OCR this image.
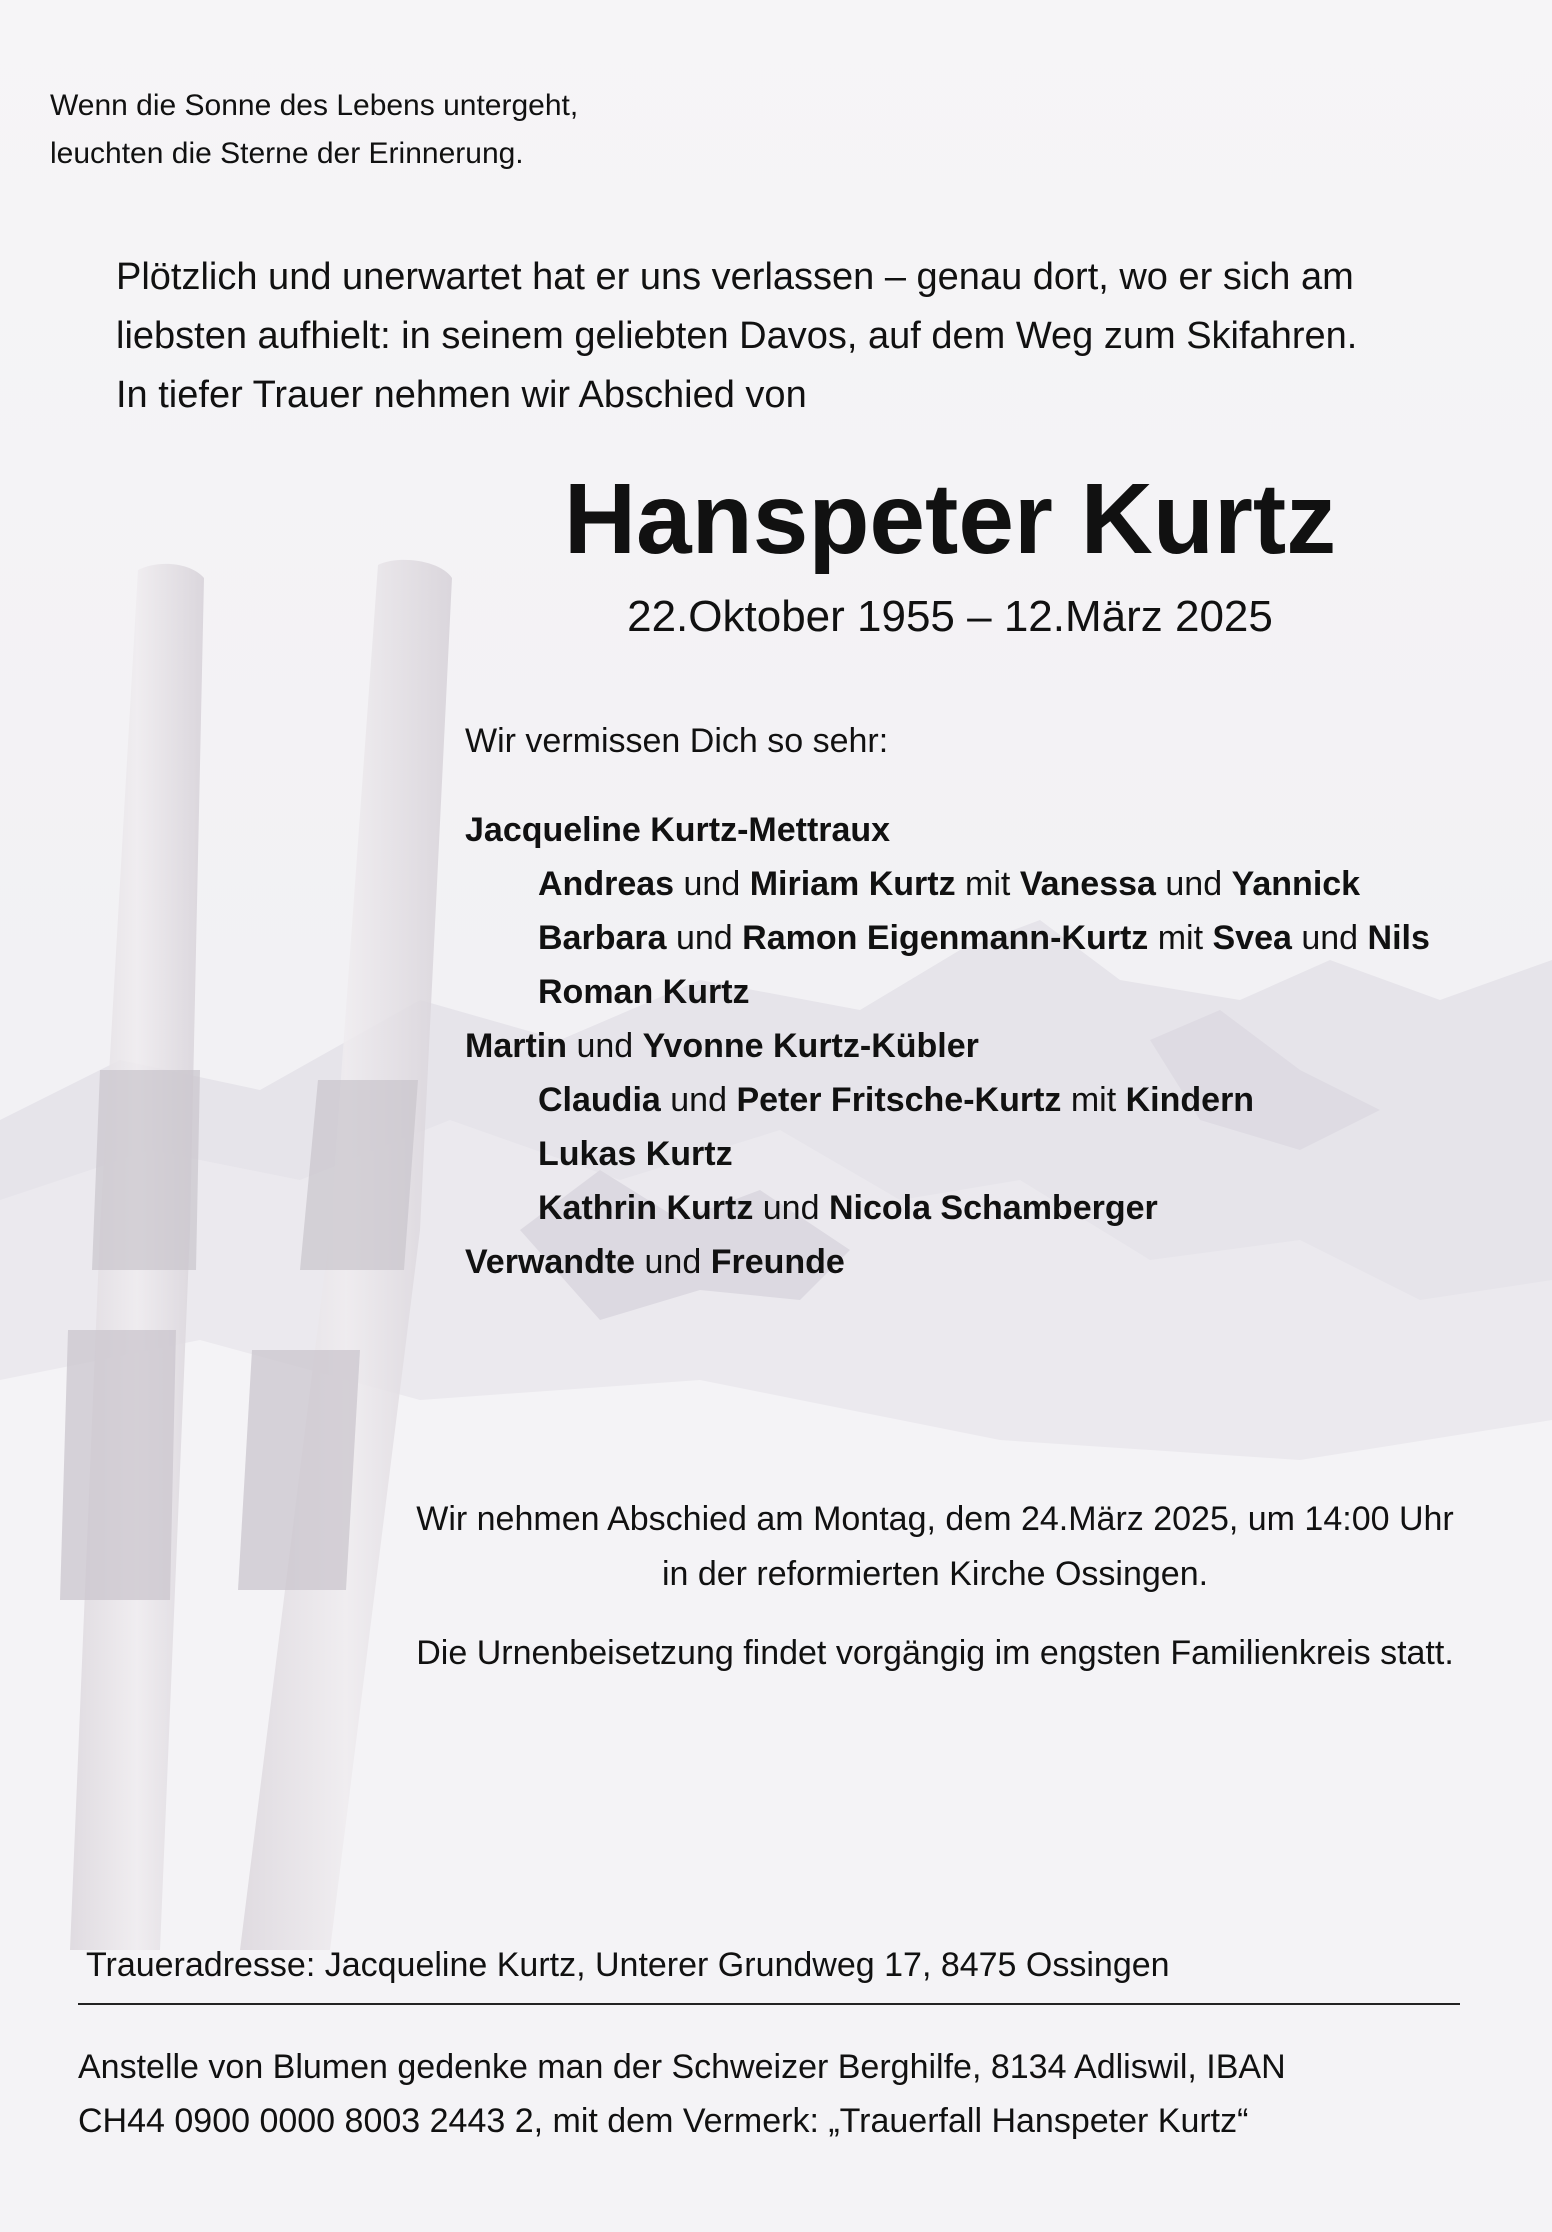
Wenn die Sonne des Lebens untergeht,
leuchten die Sterne der Erinnerung.
Plötzlich und unerwartet hat er uns verlassen – genau dort, wo er sich am
liebsten aufhielt: in seinem geliebten Davos, auf dem Weg zum Skifahren.
In tiefer Trauer nehmen wir Abschied von
Hanspeter Kurtz
22.Oktober 1955 – 12.März 2025
Wir vermissen Dich so sehr:
Jacqueline Kurtz-Mettraux
Andreas und Miriam Kurtz mit Vanessa und Yannick
Barbara und Ramon Eigenmann-Kurtz mit Svea und Nils
Roman Kurtz
Martin und Yvonne Kurtz-Kübler
Claudia und Peter Fritsche-Kurtz mit Kindern
Lukas Kurtz
Kathrin Kurtz und Nicola Schamberger
Verwandte und Freunde
Wir nehmen Abschied am Montag, dem 24.März 2025, um 14:00 Uhr
in der reformierten Kirche Ossingen.
Die Urnenbeisetzung findet vorgängig im engsten Familienkreis statt.
Traueradresse: Jacqueline Kurtz, Unterer Grundweg 17, 8475 Ossingen
Anstelle von Blumen gedenke man der Schweizer Berghilfe, 8134 Adliswil, IBAN
CH44 0900 0000 8003 2443 2, mit dem Vermerk: „Trauerfall Hanspeter Kurtz“
